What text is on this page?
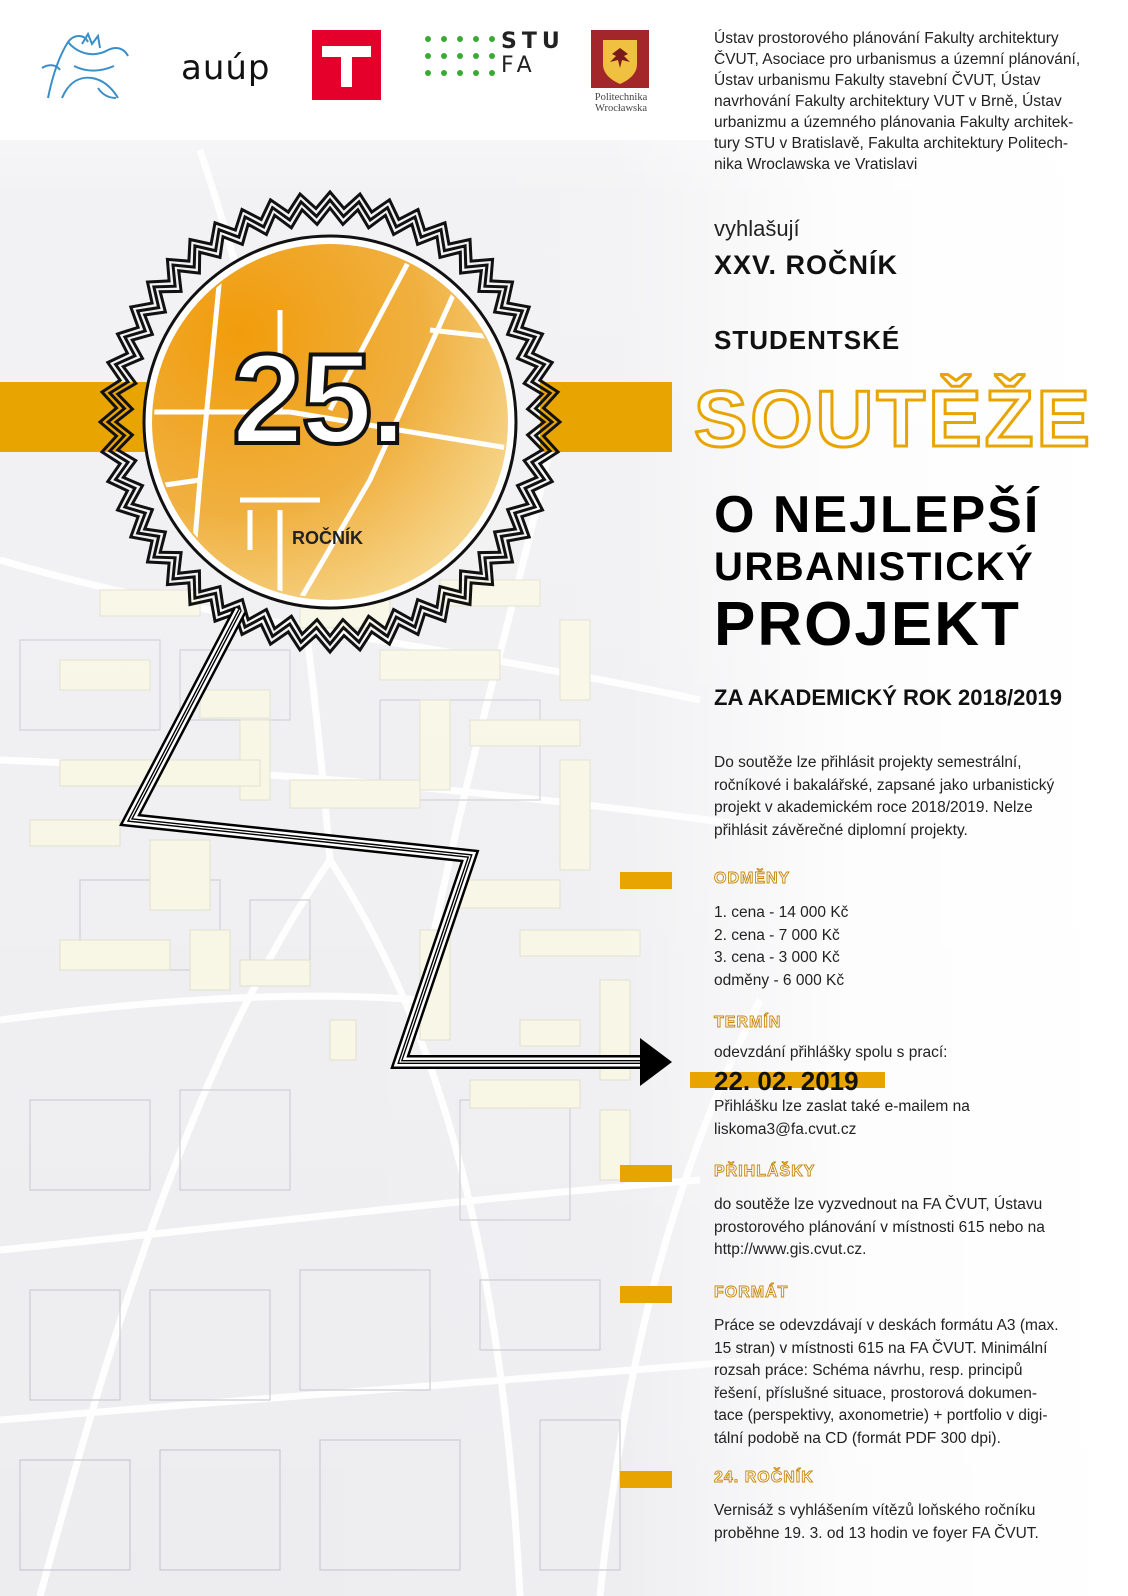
auúp
STU
FA
Politechnika
Wrocławska
Ústav prostorového plánování Fakulty architektury
ČVUT, Asociace pro urbanismus a územní plánování,
Ústav urbanismu Fakulty stavební ČVUT, Ústav
navrhování Fakulty architektury VUT v Brně, Ústav
urbanizmu a územného plánovania Fakulty architek-
tury STU v Bratislavě, Fakulta architektury Politech-
nika Wroclawska ve Vratislavi
vyhlašují
XXV. ROČNÍK
STUDENTSKÉ
SOUTĚŽE
O NEJLEPŠÍ
URBANISTICKÝ
PROJEKT
ZA AKADEMICKÝ ROK 2018/2019
25.
ROČNÍK
Do soutěže lze přihlásit projekty semestrální,
ročníkové i bakalářské, zapsané jako urbanistický
projekt v akademickém roce 2018/2019. Nelze
přihlásit závěrečné diplomní projekty.
ODMĚNY
1. cena - 14 000 Kč
2. cena - 7 000 Kč
3. cena - 3 000 Kč
odměny - 6 000 Kč
TERMÍN
odevzdání přihlášky spolu s prací:
22. 02. 2019
Přihlášku lze zaslat také e-mailem na
liskoma3@fa.cvut.cz
PŘIHLÁŠKY
do soutěže lze vyzvednout na FA ČVUT, Ústavu
prostorového plánování v místnosti 615 nebo na
http://www.gis.cvut.cz.
FORMÁT
Práce se odevzdávají v deskách formátu A3 (max.
15 stran) v místnosti 615 na FA ČVUT. Minimální
rozsah práce: Schéma návrhu, resp. principů
řešení, příslušné situace, prostorová dokumen-
tace (perspektivy, axonometrie) + portfolio v digi-
tální podobě na CD (formát PDF 300 dpi).
24. ROČNÍK
Vernisáž s vyhlášením vítězů loňského ročníku
proběhne 19. 3. od 13 hodin ve foyer FA ČVUT.
